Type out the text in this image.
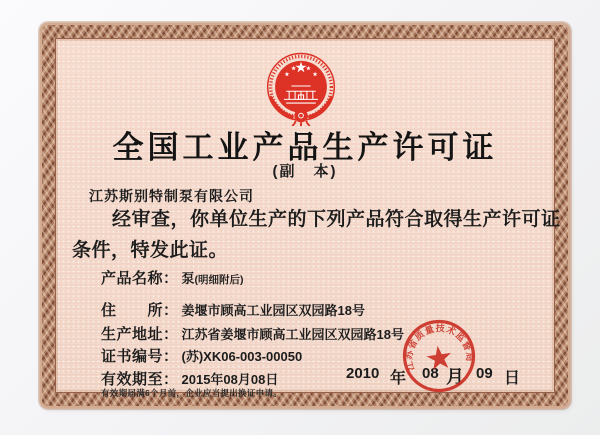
全国工业产品生产许可证
(副　本)
江苏斯别特制泵有限公司
经审查，你单位生产的下列产品符合取得生产许可证
条件，特发此证。
产品名称： 泵(明细附后)
住　　所： 姜堰市顾高工业园区双园路18号
生产地址： 江苏省姜堰市顾高工业园区双园路18号
证书编号： (苏)XK06-003-00050
有效期至： 2015年08月08日
有效期届满6个月前，企业应当提出换证申请。
2010 年 08 月 09 日
江苏省质量技术监督局
